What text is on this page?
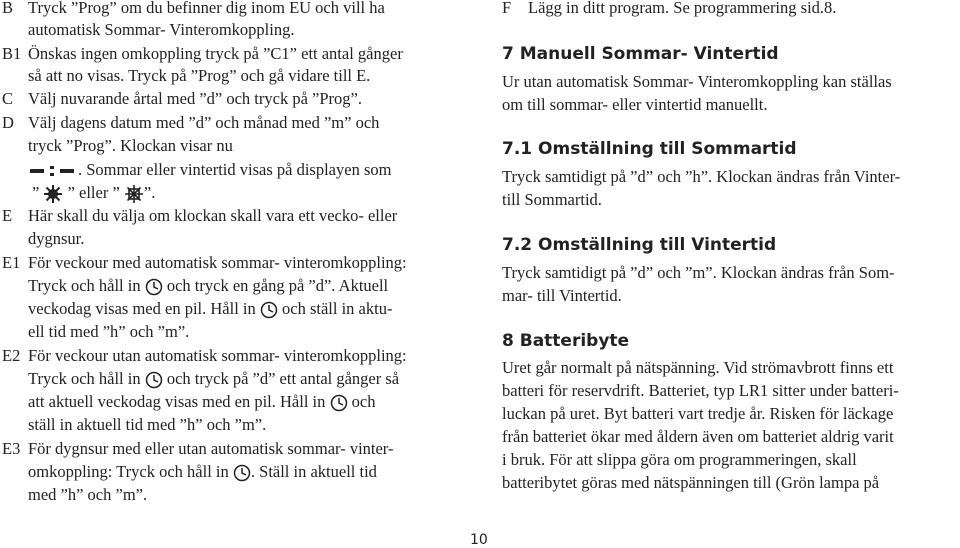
B Tryck ”Prog” om du befinner dig inom EU och vill ha
automatisk Sommar- Vinteromkoppling.
B1 Önskas ingen omkoppling tryck på ”C1” ett antal gånger
så att no visas. Tryck på ”Prog” och gå vidare till E.
C Välj nuvarande årtal med ”d” och tryck på ”Prog”.
D Välj dagens datum med ”d” och månad med ”m” och
tryck ”Prog”. Klockan visar nu
. Sommar eller vintertid visas på displayen som
” ” eller ” ”.
E Här skall du välja om klockan skall vara ett vecko- eller
dygnsur.
E1 För veckour med automatisk sommar- vinteromkoppling:
Tryck och håll in och tryck en gång på ”d”. Aktuell
veckodag visas med en pil. Håll in och ställ in aktu-
ell tid med ”h” och ”m”.
E2 För veckour utan automatisk sommar- vinteromkoppling:
Tryck och håll in och tryck på ”d” ett antal gånger så
att aktuell veckodag visas med en pil. Håll in och
ställ in aktuell tid med ”h” och ”m”.
E3 För dygnsur med eller utan automatisk sommar- vinter-
omkoppling: Tryck och håll in . Ställ in aktuell tid
med ”h” och ”m”.
F Lägg in ditt program. Se programmering sid.8.
7 Manuell Sommar- Vintertid
Ur utan automatisk Sommar- Vinteromkoppling kan ställas
om till sommar- eller vintertid manuellt.
7.1 Omställning till Sommartid
Tryck samtidigt på ”d” och ”h”. Klockan ändras från Vinter-
till Sommartid.
7.2 Omställning till Vintertid
Tryck samtidigt på ”d” och ”m”. Klockan ändras från Som-
mar- till Vintertid.
8 Batteribyte
Uret går normalt på nätspänning. Vid strömavbrott finns ett
batteri för reservdrift. Batteriet, typ LR1 sitter under batteri-
luckan på uret. Byt batteri vart tredje år. Risken för läckage
från batteriet ökar med åldern även om batteriet aldrig varit
i bruk. För att slippa göra om programmeringen, skall
batteribytet göras med nätspänningen till (Grön lampa på
10
